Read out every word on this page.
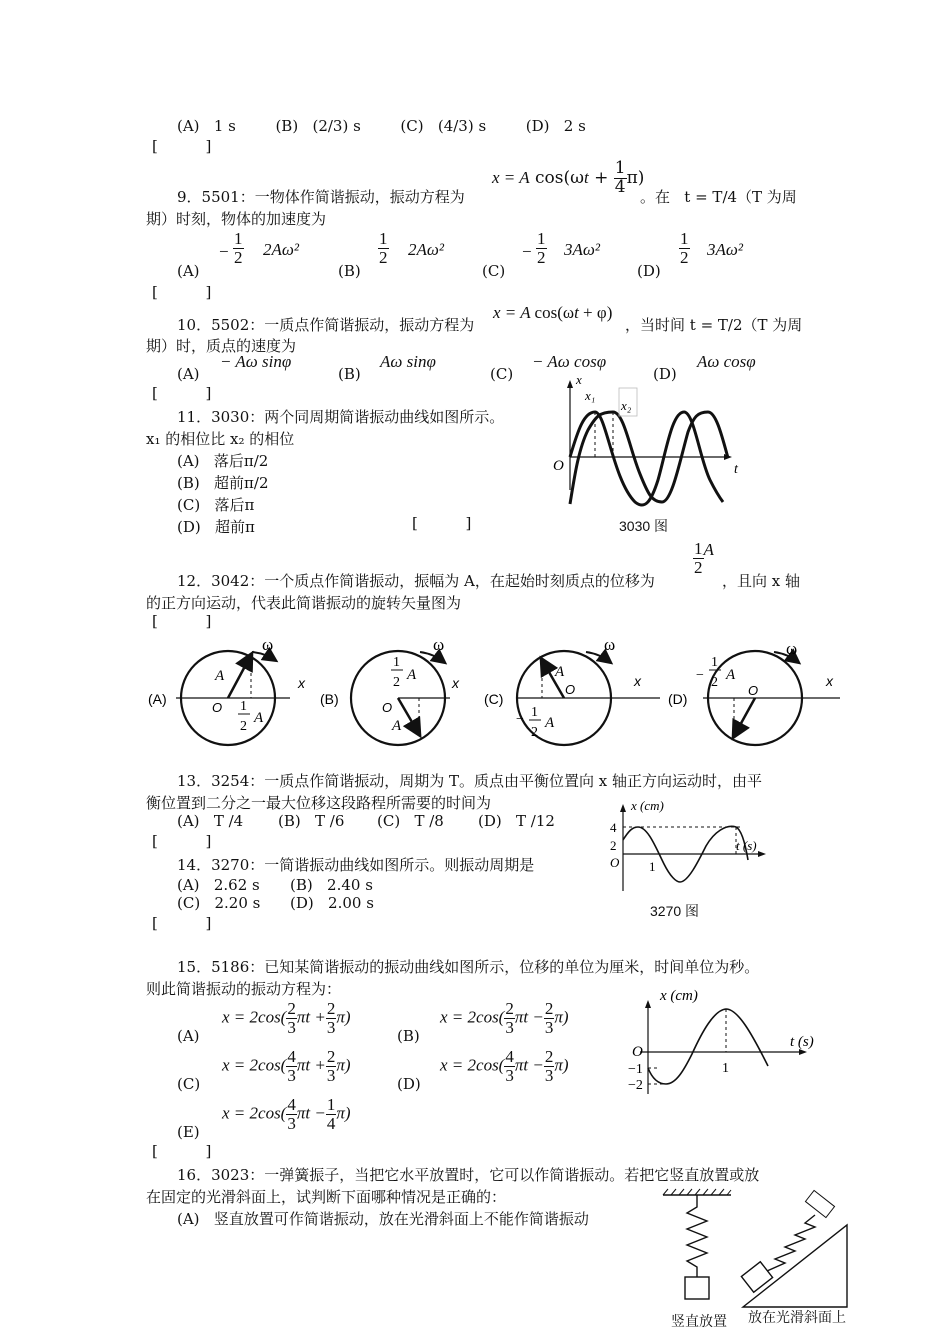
(A) 1 s	(B) (2/3) s	(C) (4/3) s	(D) 2 s
[          ]
x = A $\cos(\omega t + \frac{1}{4} \pi)$
9．5501：一物体作简谐振动，振动方程为	。在   t = T/4（T 为周
期）时刻，物体的加速度为
(A)
− $\frac{1}{2} 2A\omega^2$
(B)
$\frac{1}{2} 2A\omega^2$
(C)
− $\frac{1}{2} 3A\omega^2$
(D)
$\frac{1}{2} 3A\omega^2$
[          ]
10．5502：一质点作简谐振动，振动方程为
x = A cos(ωt + φ)
，当时间 t = T/2（T 为周
期）时，质点的速度为
(A)
− Aω sinφ
(B)
Aω sinφ
(C)
− Aω cosφ
(D)
Aω cosφ
[          ]
11．3030：两个同周期简谐振动曲线如图所示。
x₁ 的相位比 x₂ 的相位
(A)   落后π/2
(B)   超前π/2
(C)   落后π
(D)   超前π	[          ]
x
x₁
x₂
O	t
3030 图
12．3042：一个质点作简谐振动，振幅为 A，在起始时刻质点的位移为
$\frac{1}{2}$ A
，且向 x 轴
的正方向运动，代表此简谐振动的旋转矢量图为
[          ]
(A)
ω
A	x
O 1
2
A
(B)
ω
1
2 A	x
O
A
(C)
ω
A
O
x
− 1
2
A
(D)
ω
−
1
2 A
O
x
13．3254：一质点作简谐振动，周期为 T。质点由平衡位置向 x 轴正方向运动时，由平
衡位置到二分之一最大位移这段路程所需要的时间为
(A)   T /4 (B)   T /6 (C)   T /8 (D)   T /12
[          ]
14．3270：一简谐振动曲线如图所示。则振动周期是
(A)   2.62 s (B)   2.40 s
(C)   2.20 s (D)   2.00 s
[          ]
x (cm)
4
2
O 1
t (s)
3270 图
15．5186：已知某简谐振动的振动曲线如图所示，位移的单位为厘米，时间单位为秒。
则此简谐振动的振动方程为：
$x = 2\cos( \frac{2}{3}$ $\pi t + \frac{2}{3} \pi$)
(A)
$x = 2\cos( \frac{2}{3}$ $\pi t - \frac{2}{3} \pi$)
(B)
$x = 2\cos( \frac{4}{3}$ $\pi t + \frac{2}{3} \pi$)
(C)
$x = 2\cos( \frac{4}{3}$ $\pi t - \frac{2}{3} \pi$)
(D)
$x = 2\cos( \frac{4}{3}$ $\pi t - \frac{1}{4} \pi$)
(E)
[          ]
x (cm)
O
−1
−2
1
t (s)
16．3023：一弹簧振子，当把它水平放置时，它可以作简谐振动。若把它竖直放置或放
在固定的光滑斜面上，试判断下面哪种情况是正确的：
(A)   竖直放置可作简谐振动，放在光滑斜面上不能作简谐振动
竖直放置 放在光滑斜面上
